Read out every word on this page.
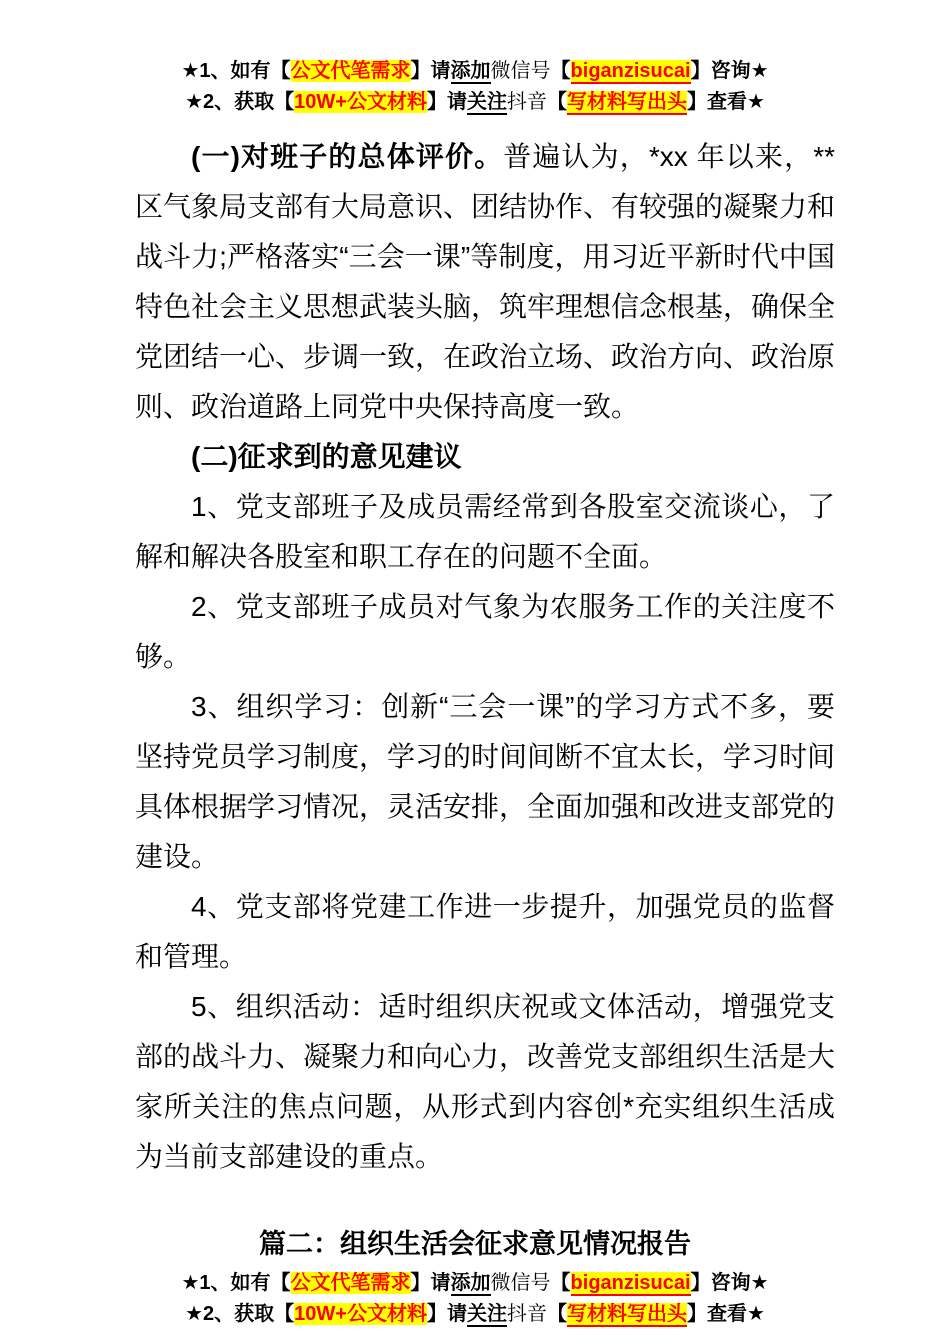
★1、如有【公文代笔需求】请添加微信号【biganzisucai】咨询★
★2、获取【10W+公文材料】请关注抖音【写材料写出头】查看★

(一)对班子的总体评价。普遍认为，*xx 年以来，**区气象局支部有大局意识、团结协作、有较强的凝聚力和战斗力;严格落实“三会一课”等制度，用习近平新时代中国特色社会主义思想武装头脑，筑牢理想信念根基，确保全党团结一心、步调一致，在政治立场、政治方向、政治原则、政治道路上同党中央保持高度一致。

(二)征求到的意见建议

1、党支部班子及成员需经常到各股室交流谈心，了解和解决各股室和职工存在的问题不全面。

2、党支部班子成员对气象为农服务工作的关注度不够。

3、组织学习：创新“三会一课”的学习方式不多，要坚持党员学习制度，学习的时间间断不宜太长，学习时间具体根据学习情况，灵活安排，全面加强和改进支部党的建设。

4、党支部将党建工作进一步提升，加强党员的监督和管理。

5、组织活动：适时组织庆祝或文体活动，增强党支部的战斗力、凝聚力和向心力，改善党支部组织生活是大家所关注的焦点问题，从形式到内容创*充实组织生活成为当前支部建设的重点。

篇二：组织生活会征求意见情况报告
★1、如有【公文代笔需求】请添加微信号【biganzisucai】咨询★
★2、获取【10W+公文材料】请关注抖音【写材料写出头】查看★
